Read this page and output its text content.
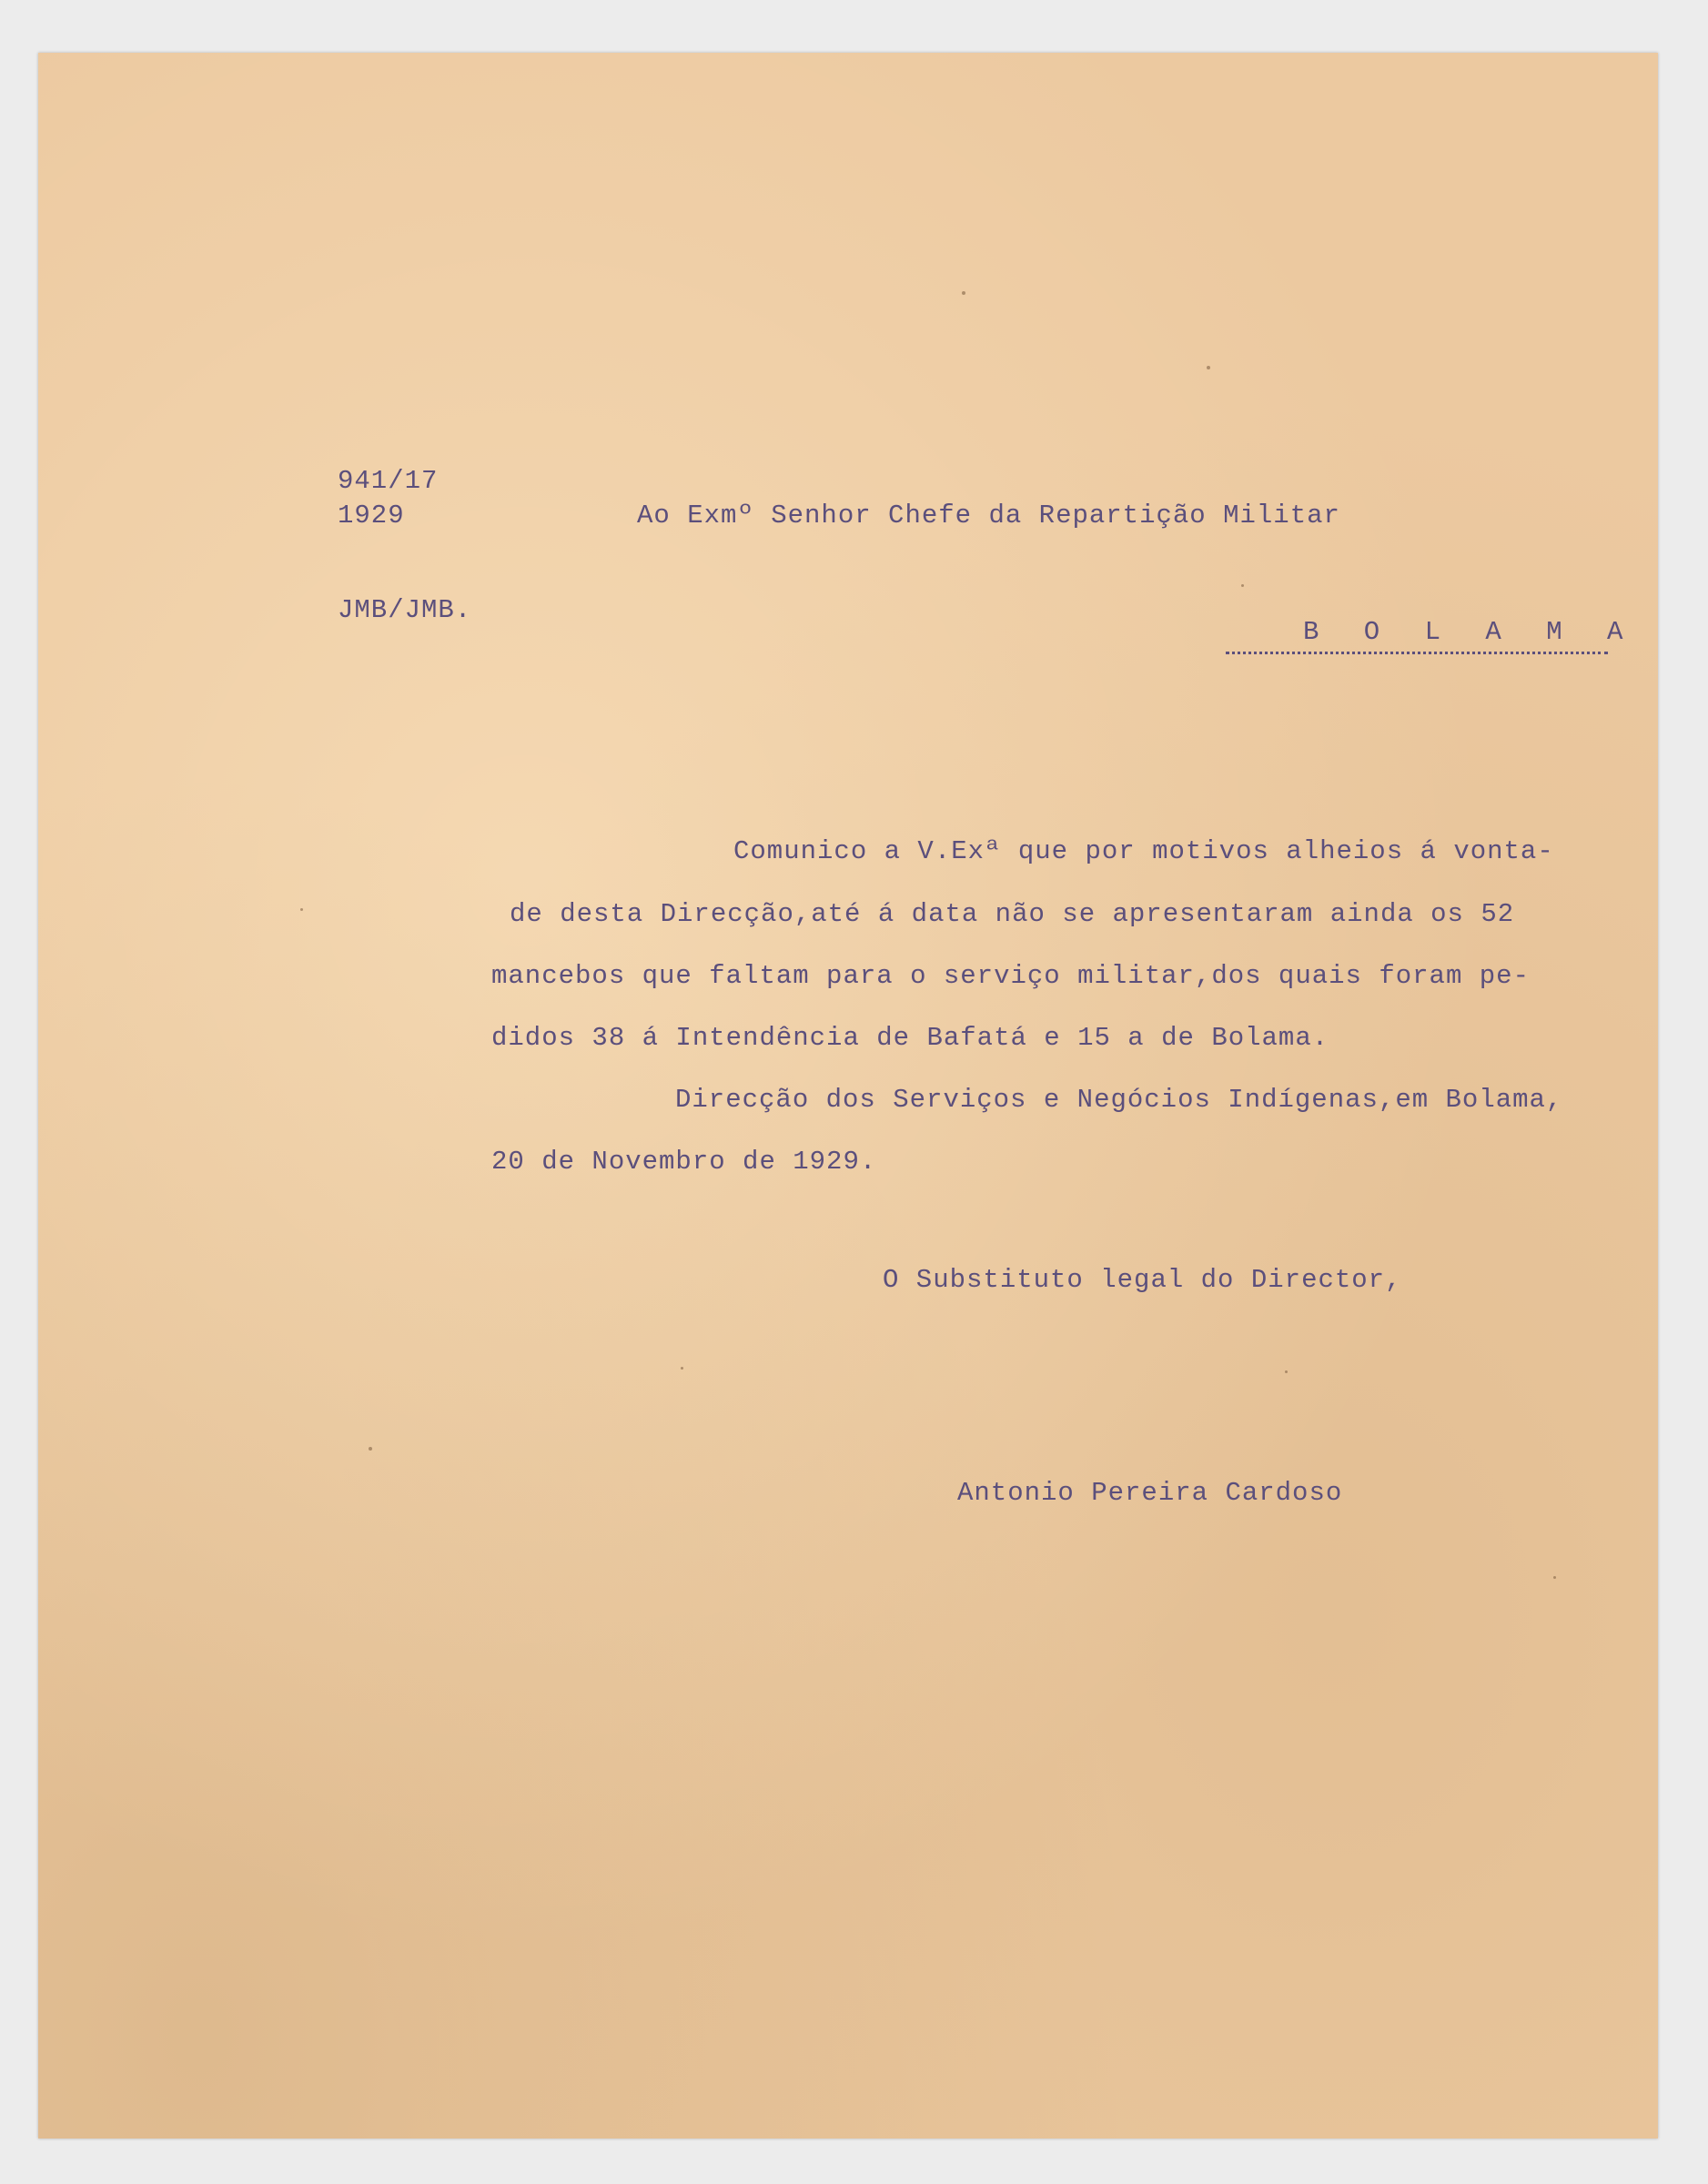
941/17
1929	Ao Exmº Senhor Chefe da Repartição Militar
JMB/JMB.
B O L A M A
Comunico a V.Exª que por motivos alheios á vonta-
de desta Direcção,até á data não se apresentaram ainda os 52
mancebos que faltam para o serviço militar,dos quais foram pe-
didos 38 á Intendência de Bafatá e 15 a de Bolama.
Direcção dos Serviços e Negócios Indígenas,em Bolama,
20 de Novembro de 1929.
O Substituto legal do Director,
Antonio Pereira Cardoso
